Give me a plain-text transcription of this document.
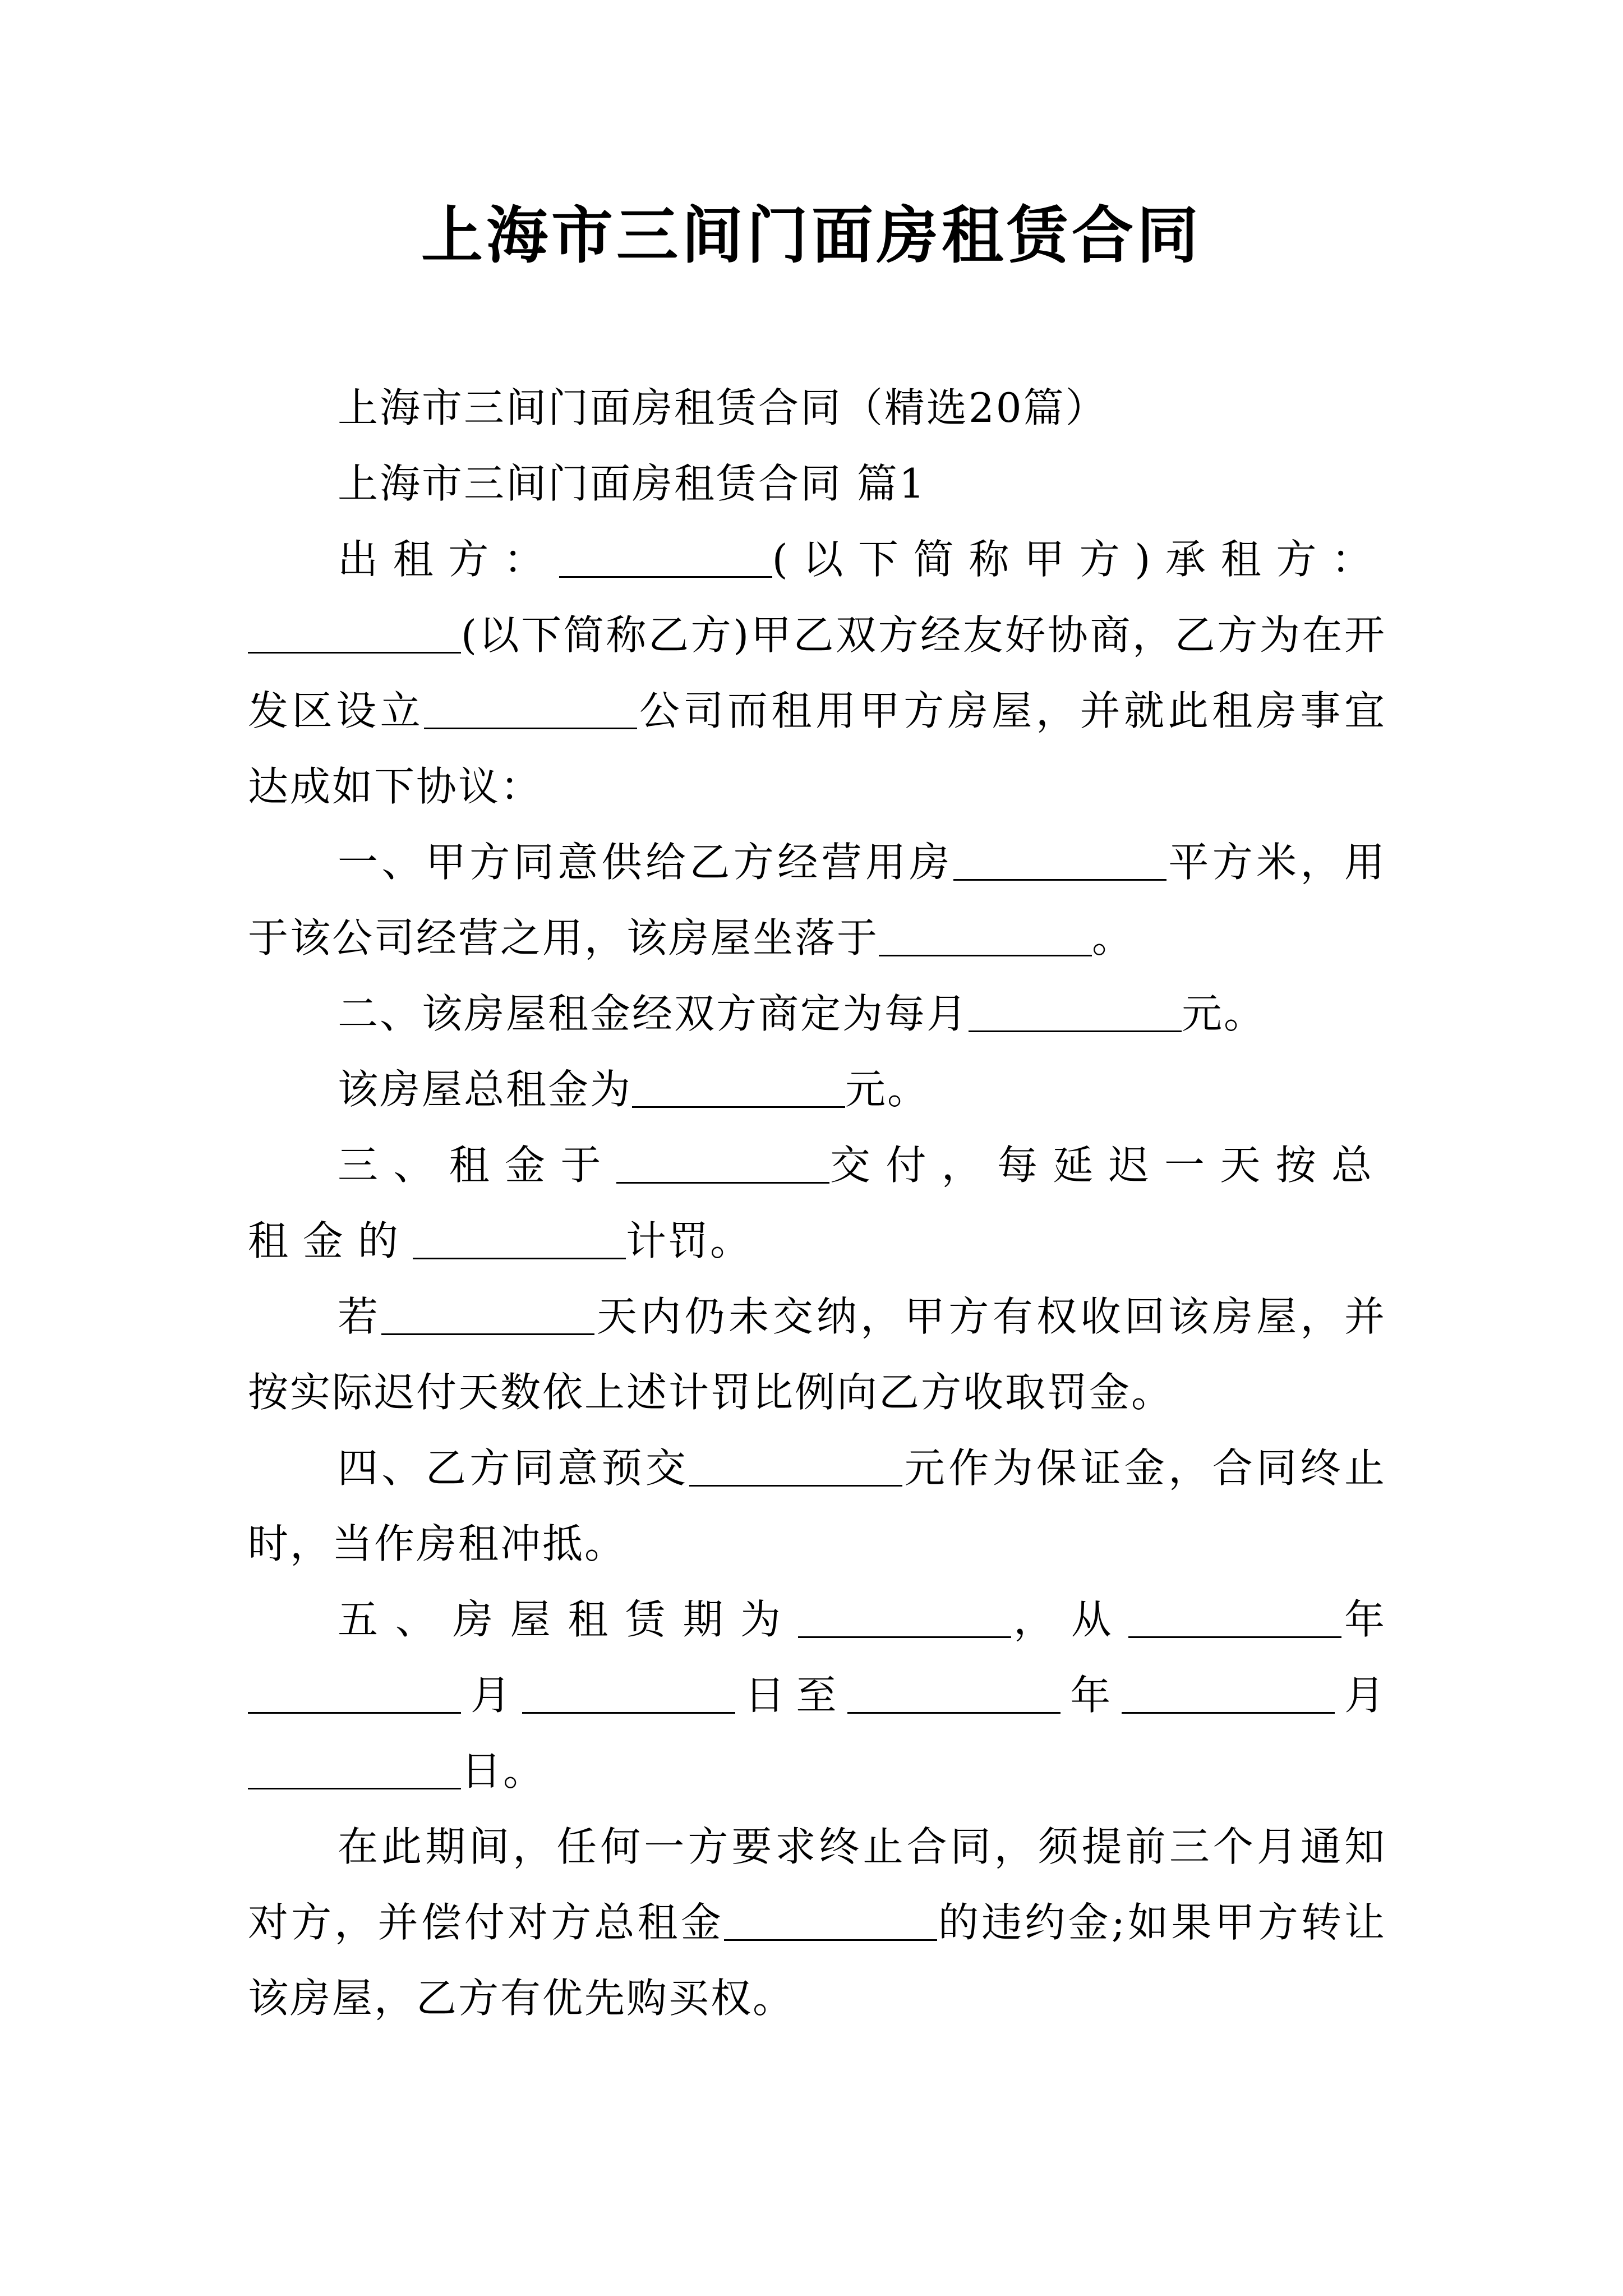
上海市三间门面房租赁合同

上海市三间门面房租赁合同（精选20篇）

上海市三间门面房租赁合同 篇1

出租方：	(以下简称甲方)承租方：(以下简称乙方)甲乙双方经友好协商，乙方为在开发区设立	公司而租用甲方房屋，并就此租房事宜达成如下协议：

一、甲方同意供给乙方经营用房	平方米，用于该公司经营之用，该房屋坐落于	。

二、该房屋租金经双方商定为每月	元。

该房屋总租金为	元。

三、租金于	交付，每延迟一天按总租金的	计罚。

若	天内仍未交纳，甲方有权收回该房屋，并按实际迟付天数依上述计罚比例向乙方收取罚金。

四、乙方同意预交	元作为保证金，合同终止时，当作房租冲抵。

五、房屋租赁期为	，从	年月	日至	年	月日。

在此期间，任何一方要求终止合同，须提前三个月通知对方，并偿付对方总租金	的违约金;如果甲方转让该房屋，乙方有优先购买权。
